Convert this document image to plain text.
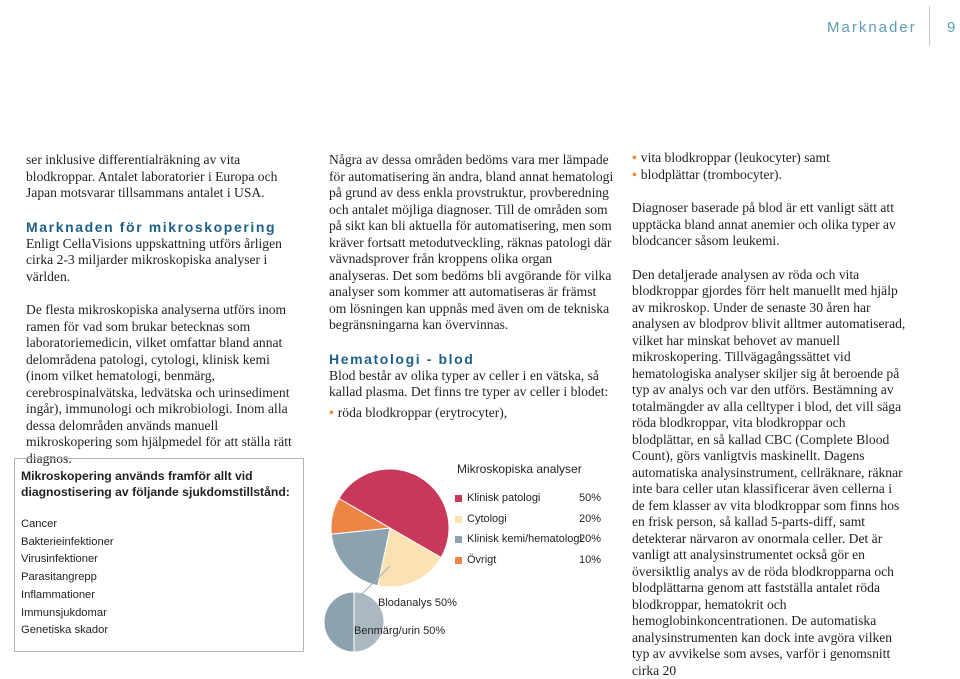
Marknader 9

ser inklusive differentialräkning av vita blodkroppar. Antalet laboratorier i Europa och Japan motsvarar tillsammans antalet i USA.

Marknaden för mikroskopering

Enligt CellaVisions uppskattning utförs årligen cirka 2-3 miljarder mikroskopiska analyser i världen.

De flesta mikroskopiska analyserna utförs inom ramen för vad som brukar betecknas som laboratoriemedicin, vilket omfattar bland annat delområdena patologi, cytologi, klinisk kemi (inom vilket hematologi, benmärg, cerebrospinalvätska, ledvätska och urinsediment ingår), immunologi och mikrobiologi. Inom alla dessa delområden används manuell mikroskopering som hjälpmedel för att ställa rätt diagnos.

Mikroskopering används framför allt vid diagnostisering av följande sjukdomstillstånd:
Cancer
Bakterieinfektioner
Virusinfektioner
Parasitangrepp
Inflammationer
Immunsjukdomar
Genetiska skador

Några av dessa områden bedöms vara mer lämpade för automatisering än andra, bland annat hematologi på grund av dess enkla provstruktur, provberedning och antalet möjliga diagnoser. Till de områden som på sikt kan bli aktuella för automatisering, men som kräver fortsatt metodutveckling, räknas patologi där vävnadsprover från kroppens olika organ analyseras. Det som bedöms bli avgörande för vilka analyser som kommer att automatiseras är främst om lösningen kan uppnås med även om de tekniska begränsningarna kan övervinnas.

Hematologi - blod

Blod består av olika typer av celler i en vätska, så kallad plasma. Det finns tre typer av celler i blodet:

• röda blodkroppar (erytrocyter),

Mikroskopiska analyser
Klinisk patologi	50%
Cytologi	20%
Klinisk kemi/hematologi
20%
Övrigt	10%
Blodanalys 50%
Benmärg/urin 50%

• vita blodkroppar (leukocyter) samt

• blodplättar (trombocyter).

Diagnoser baserade på blod är ett vanligt sätt att upptäcka bland annat anemier och olika typer av blodcancer såsom leukemi.

Den detaljerade analysen av röda och vita blodkroppar gjordes förr helt manuellt med hjälp av mikroskop. Under de senaste 30 åren har analysen av blodprov blivit alltmer automatiserad, vilket har minskat behovet av manuell mikroskopering. Tillvägagångssättet vid hematologiska analyser skiljer sig åt beroende på typ av analys och var den utförs. Bestämning av totalmängder av alla celltyper i blod, det vill säga röda blodkroppar, vita blodkroppar och blodplättar, en så kallad CBC (Complete Blood Count), görs vanligtvis maskinellt. Dagens automatiska analysinstrument, cellräknare, räknar inte bara celler utan klassificerar även cellerna i de fem klasser av vita blodkroppar som finns hos en frisk person, så kallad 5-parts-diff, samt detekterar närvaron av onormala celler. Det är vanligt att analysinstrumentet också gör en översiktlig analys av de röda blodkropparna och blodplättarna genom att fastställa antalet röda blodkroppar, hematokrit och hemoglobinkoncentrationen. De automatiska analysinstrumenten kan dock inte avgöra vilken typ av avvikelse som avses, varför i genomsnitt cirka 20
